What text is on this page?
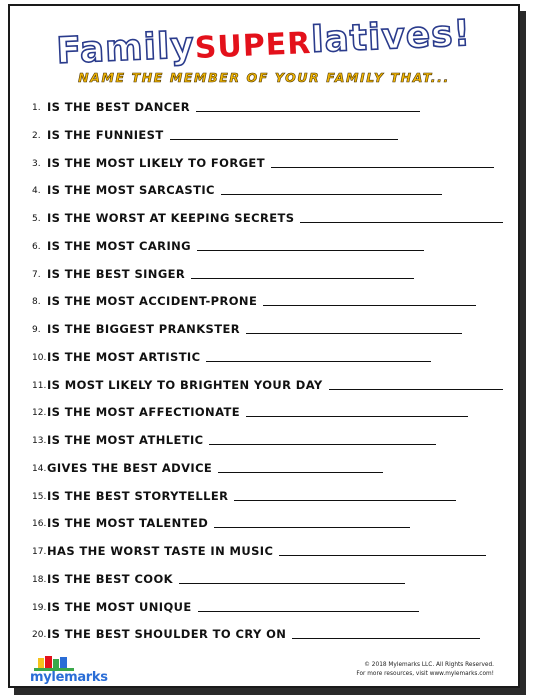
FamilySUPERlatives!
NAME THE MEMBER OF YOUR FAMILY THAT...
1. IS THE BEST DANCER
2. IS THE FUNNIEST
3. IS THE MOST LIKELY TO FORGET
4. IS THE MOST SARCASTIC
5. IS THE WORST AT KEEPING SECRETS
6. IS THE MOST CARING
7. IS THE BEST SINGER
8. IS THE MOST ACCIDENT-PRONE
9. IS THE BIGGEST PRANKSTER
10. IS THE MOST ARTISTIC
11. IS MOST LIKELY TO BRIGHTEN YOUR DAY
12. IS THE MOST AFFECTIONATE
13. IS THE MOST ATHLETIC
14. GIVES THE BEST ADVICE
15. IS THE BEST STORYTELLER
16. IS THE MOST TALENTED
17. HAS THE WORST TASTE IN MUSIC
18. IS THE BEST COOK
19. IS THE MOST UNIQUE
20. IS THE BEST SHOULDER TO CRY ON
mylemarks
© 2018 Mylemarks LLC. All Rights Reserved.
For more resources, visit www.mylemarks.com!
